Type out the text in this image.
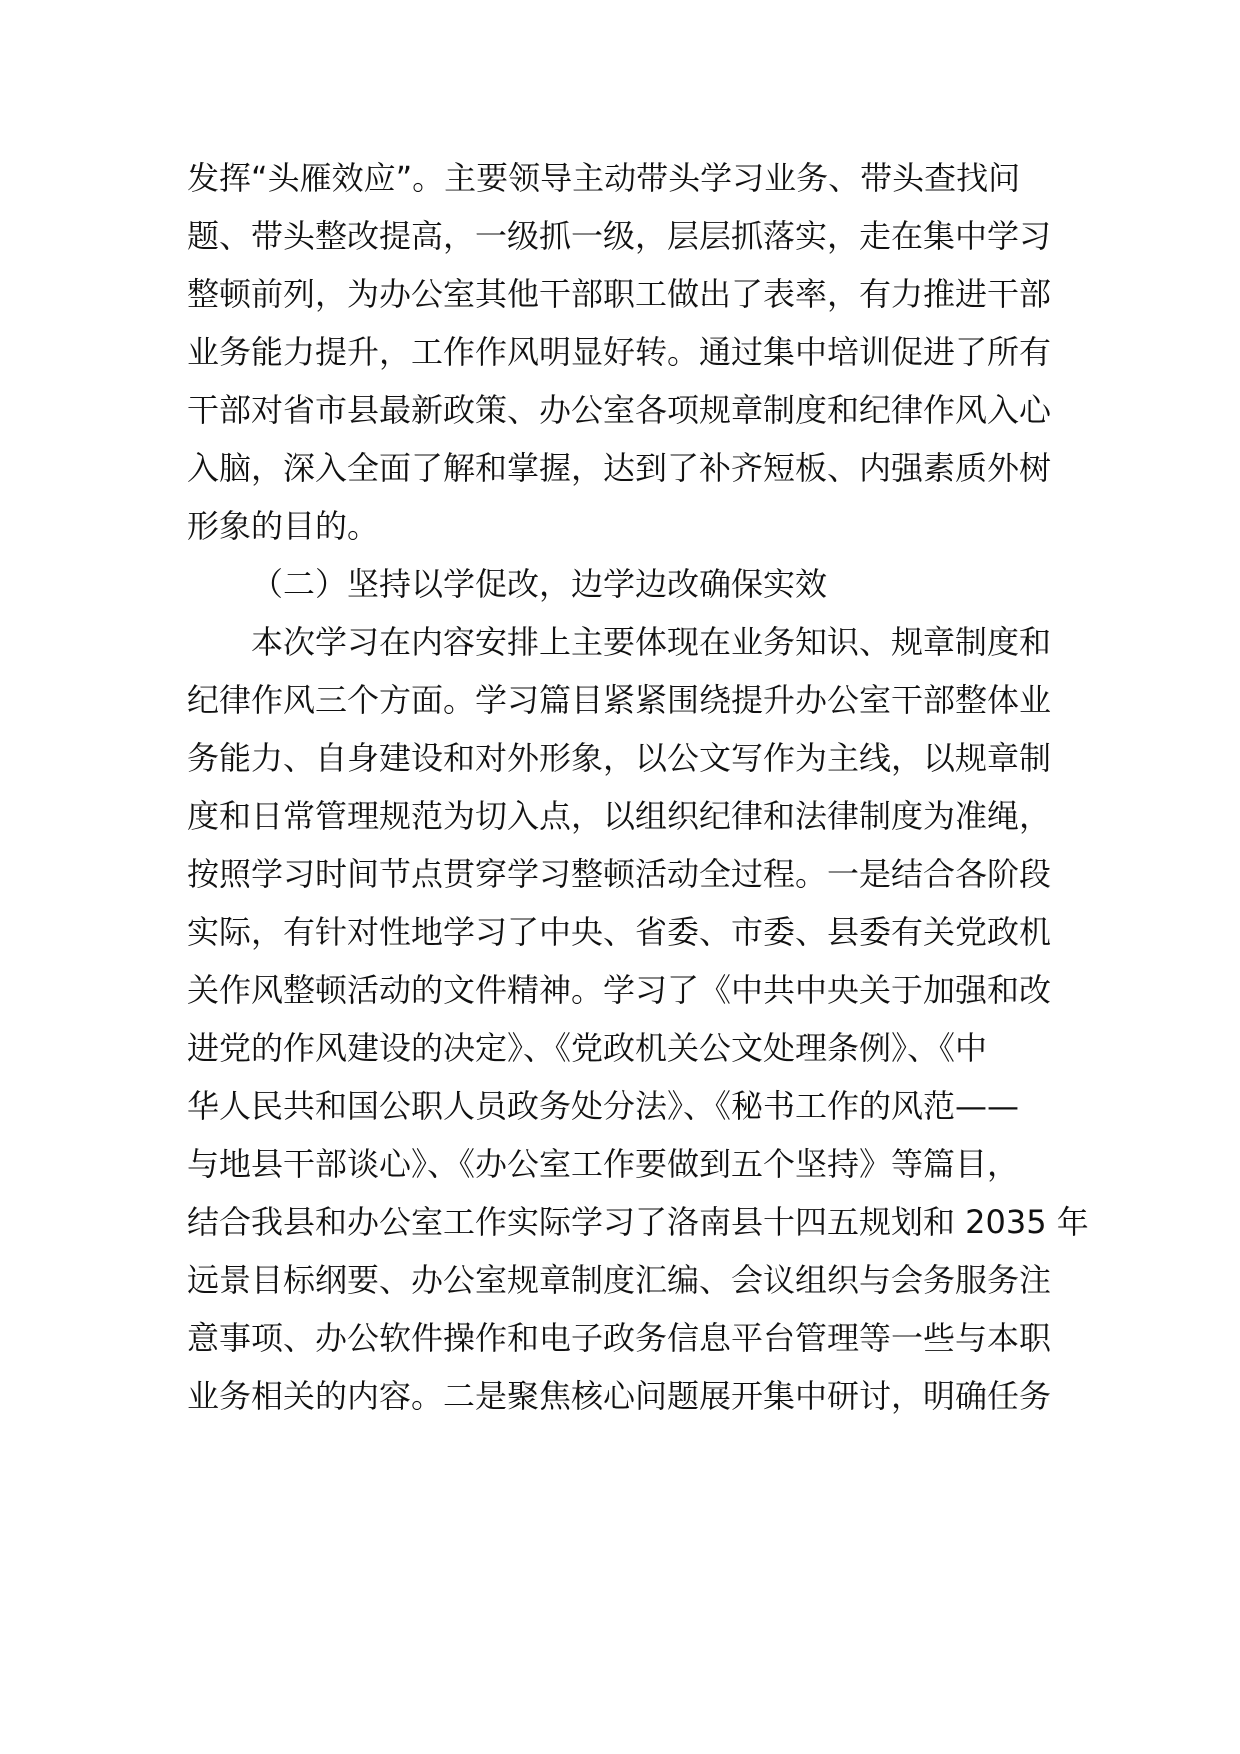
发挥“头雁效应”。主要领导主动带头学习业务、带头查找问
题、带头整改提高，一级抓一级，层层抓落实，走在集中学习
整顿前列，为办公室其他干部职工做出了表率，有力推进干部
业务能力提升，工作作风明显好转。通过集中培训促进了所有
干部对省市县最新政策、办公室各项规章制度和纪律作风入心
入脑，深入全面了解和掌握，达到了补齐短板、内强素质外树
形象的目的。
（二）坚持以学促改，边学边改确保实效
本次学习在内容安排上主要体现在业务知识、规章制度和
纪律作风三个方面。学习篇目紧紧围绕提升办公室干部整体业
务能力、自身建设和对外形象，以公文写作为主线，以规章制
度和日常管理规范为切入点，以组织纪律和法律制度为准绳，
按照学习时间节点贯穿学习整顿活动全过程。一是结合各阶段
实际，有针对性地学习了中央、省委、市委、县委有关党政机
关作风整顿活动的文件精神。学习了《中共中央关于加强和改
进党的作风建设的决定》、《党政机关公文处理条例》、《中
华人民共和国公职人员政务处分法》、《秘书工作的风范——
与地县干部谈心》、《办公室工作要做到五个坚持》等篇目，
结合我县和办公室工作实际学习了洛南县十四五规划和 2035 年
远景目标纲要、办公室规章制度汇编、会议组织与会务服务注
意事项、办公软件操作和电子政务信息平台管理等一些与本职
业务相关的内容。二是聚焦核心问题展开集中研讨，明确任务
